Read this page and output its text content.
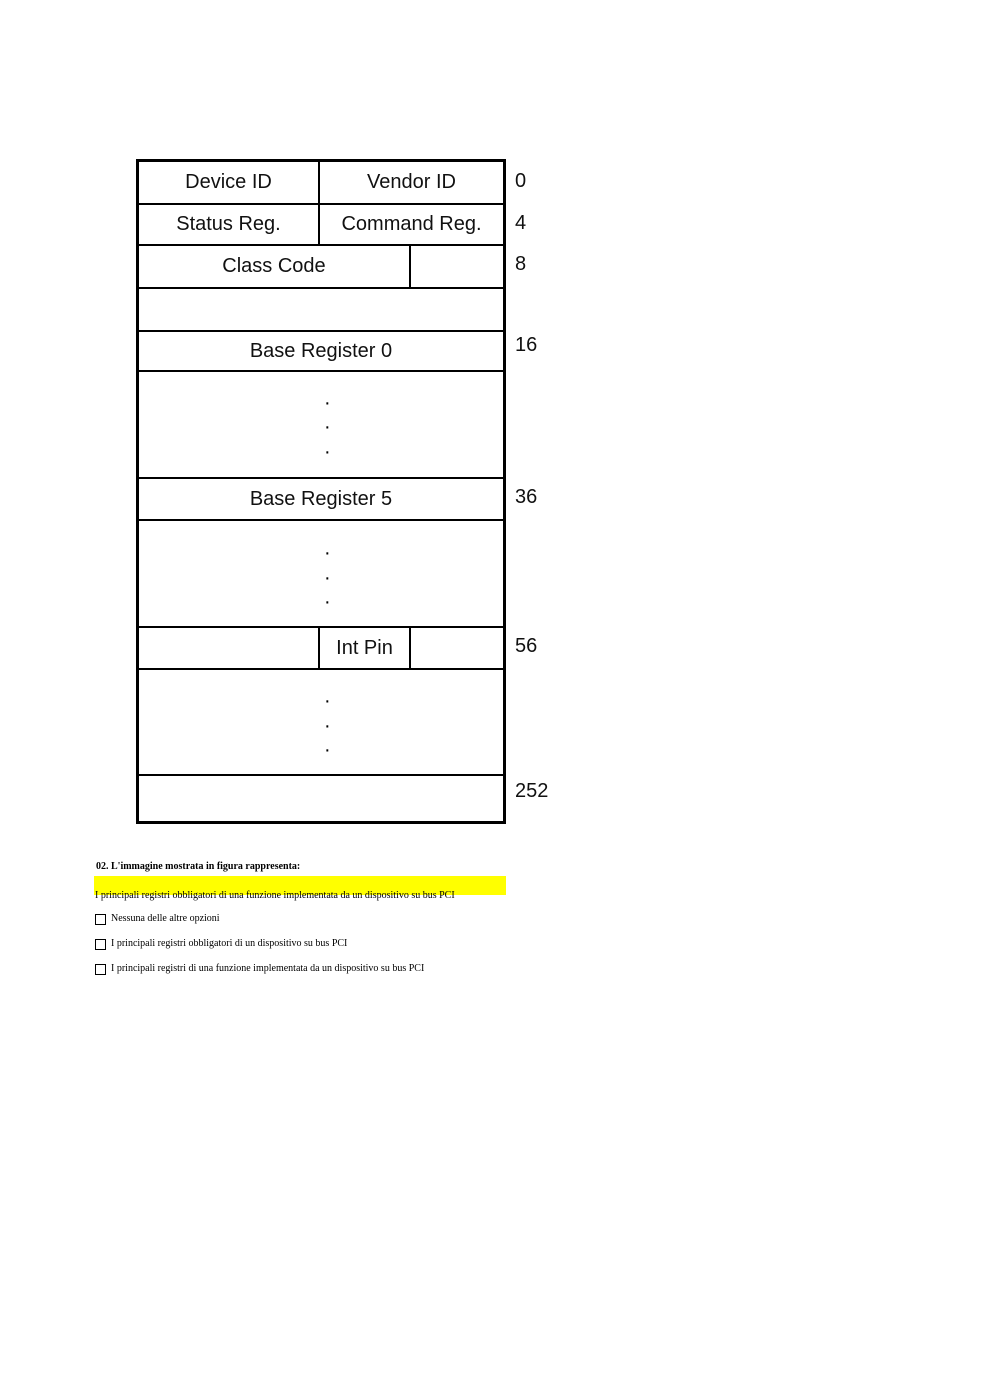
Device ID	Vendor ID
Status Reg.	Command Reg.
Class Code
Base Register 0
Base Register 5
Int Pin
·
·
·
·
·
·
·
·
·
0
4
8
16
36
56
252
02. L'immagine mostrata in figura rappresenta:
I principali registri obbligatori di una funzione implementata da un dispositivo su bus PCI
Nessuna delle altre opzioni
I principali registri obbligatori di un dispositivo su bus PCI
I principali registri di una funzione implementata da un dispositivo su bus PCI
